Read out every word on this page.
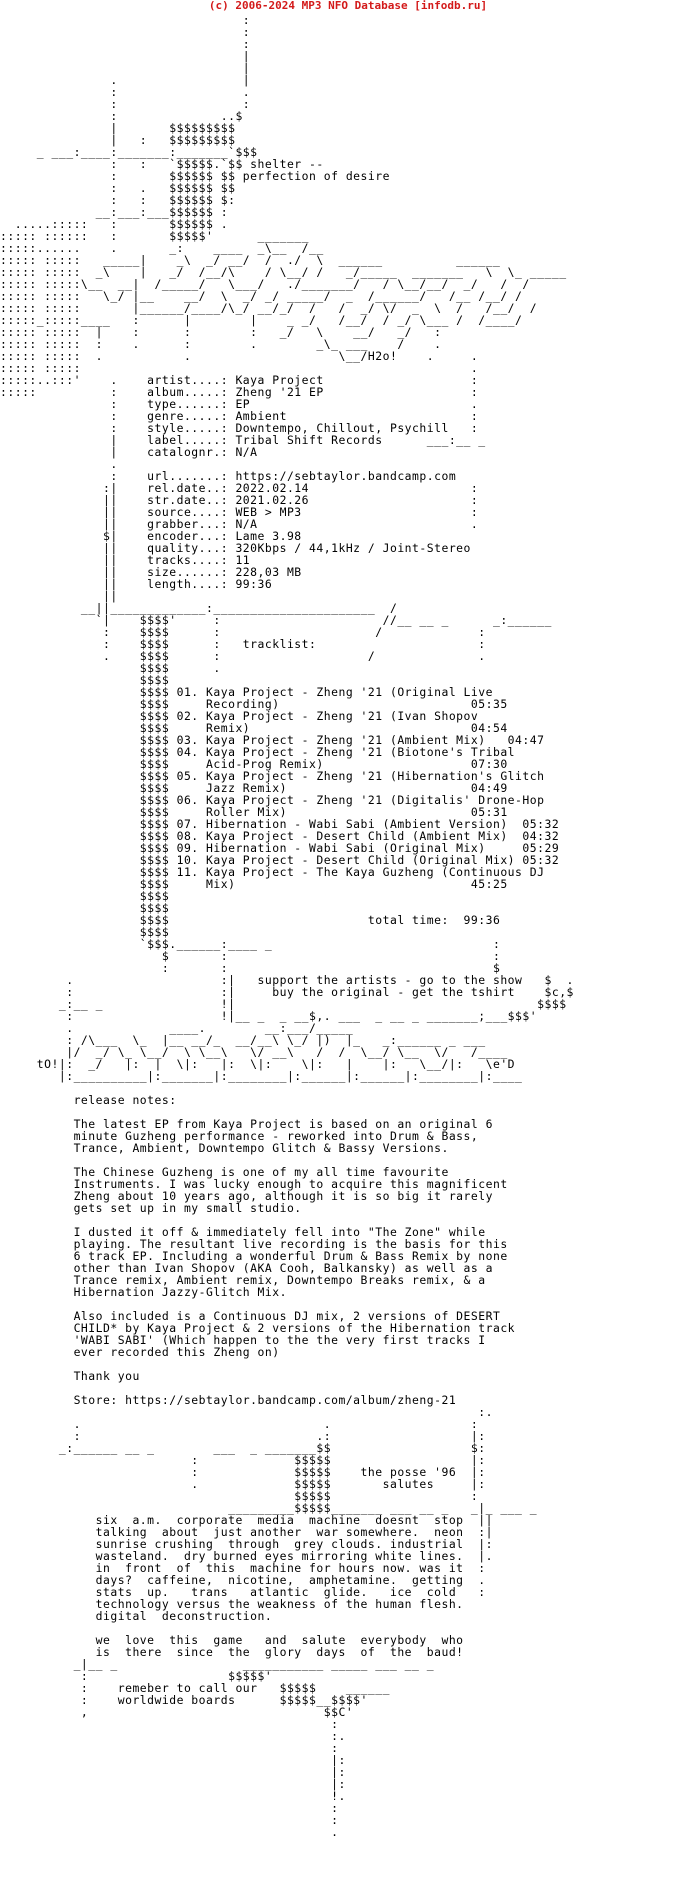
(c) 2006-2024 MP3 NFO Database [infodb.ru]
:
:
:
|
|
.                 |
:                 .
:                 :
:              ..$
|       $$$$$$$$$
|   :   $$$$$$$$$
_ ___:____:_______:_______`$$$
:   :   `$$$$$.`$$ shelter --
:       $$$$$$ $$ perfection of desire
:   .   $$$$$$ $$
:   :   $$$$$$ $:
__:___:___$$$$$$ :
.....:::::   :       $$$$$$ .
::::: ::::::   :       $$$$$'      _______
:::::......    .       _:    ____  _\__  /__
::::: :::::   _____|    _\  _/ __/  /  ./  \  ______          ______
::::: :::::  _\    |   _/  /__/\    / \__/ /   _/_____  _______   \  \_ _____
::::: :::::\__  __|  /_____/   \___/   ./_______/   / \__/__/  _/   /  /
::::: :::::   \_/ |__    __/  \  _/ _/ _____/  _  /______/   /__ /__/ /
::::: :::::       |______/____/\_/ __/_/  /   /  _/ \/  _  \  /   /__/  /
:::::_:::::____   :      |        |    _ _/   /__/  / _/ \___ /  /____/
::::: :::::  |    :      :        :   _/   \    __/   _/   :
::::: :::::  :    .      :        .        _\_ ___    /    .
::::: :::::  .           .                    \__/H2o!    .     .
::::: :::::                                                     .
:::::..:::'    .    artist....: Kaya Project                    :
:::::          :    album.....: Zheng '21 EP                    :
:    type......: EP                              .
:    genre.....: Ambient                         :
:    style.....: Downtempo, Chillout, Psychill   :
|    label.....: Tribal Shift Records      ___:__ _
|    catalognr.: N/A
.
:    url.......: https://sebtaylor.bandcamp.com
:|    rel.date..: 2022.02.14                      :
||    str.date..: 2021.02.26                      :
||    source....: WEB > MP3                       :
||    grabber...: N/A                             .
$|    encoder...: Lame 3.98
||    quality...: 320Kbps / 44,1kHz / Joint-Stereo
||    tracks....: 11
||    size......: 228,03 MB
||    length....: 99:36
||
__||_____________:______________________  /
`|    $$$$'     :                      //__ __ _      _:______
:    $$$$      :                     /             :
:    $$$$      :   tracklist:                      :
.    $$$$      :                    /              .
$$$$      .
$$$$
$$$$ 01. Kaya Project - Zheng '21 (Original Live
$$$$     Recording)                          05:35
$$$$ 02. Kaya Project - Zheng '21 (Ivan Shopov
$$$$     Remix)                              04:54
$$$$ 03. Kaya Project - Zheng '21 (Ambient Mix)   04:47
$$$$ 04. Kaya Project - Zheng '21 (Biotone's Tribal
$$$$     Acid-Prog Remix)                    07:30
$$$$ 05. Kaya Project - Zheng '21 (Hibernation's Glitch
$$$$     Jazz Remix)                         04:49
$$$$ 06. Kaya Project - Zheng '21 (Digitalis' Drone-Hop
$$$$     Roller Mix)                         05:31
$$$$ 07. Hibernation - Wabi Sabi (Ambient Version)  05:32
$$$$ 08. Kaya Project - Desert Child (Ambient Mix)  04:32
$$$$ 09. Hibernation - Wabi Sabi (Original Mix)     05:29
$$$$ 10. Kaya Project - Desert Child (Original Mix) 05:32
$$$$ 11. Kaya Project - The Kaya Guzheng (Continuous DJ
$$$$     Mix)                                45:25
$$$$
$$$$
$$$$                           total time:  99:36
$$$$
`$$$.______:____ _                              :
$       :                                    :
:       :                                    $
.                    :|   support the artists - go to the show   $  .
:                    :|     buy the original - get the tshirt    $c,$
_:__ _                !|                                         $$$$
:                    !|__ _  _ __$,. ___  _ __ _ _______;___$$$'
.             ____.        __:___/_____
: /\___  \_  |__ __/_  __/__\ \_/ |)  |_   _:______ _ ___
|/  _/ \_ \__/  \ \__\   \/ __\   /  /  \__/ \__  \/   /____
tO!|:  _/   |:  |  \|:   |:  \|:    \|:   |    |:   \__/|:   \e'D
|:__________|:_______|:________|:______|:______|:________|:____

release notes:

The latest EP from Kaya Project is based on an original 6
minute Guzheng performance - reworked into Drum & Bass,
Trance, Ambient, Downtempo Glitch & Bassy Versions.

The Chinese Guzheng is one of my all time favourite
Instruments. I was lucky enough to acquire this magnificent
Zheng about 10 years ago, although it is so big it rarely
gets set up in my small studio.

I dusted it off & immediately fell into "The Zone" while
playing. The resultant live recording is the basis for this
6 track EP. Including a wonderful Drum & Bass Remix by none
other than Ivan Shopov (AKA Cooh, Balkansky) as well as a
Trance remix, Ambient remix, Downtempo Breaks remix, & a
Hibernation Jazzy-Glitch Mix.

Also included is a Continuous DJ mix, 2 versions of DESERT
CHILD* by Kaya Project & 2 versions of the Hibernation track
'WABI SABI' (Which happen to the the very first tracks I
ever recorded this Zheng on)

Thank you

Store: https://sebtaylor.bandcamp.com/album/zheng-21
:.
.                                 .                   :
:                                .:                   |:
_:______ __ _        ___  _ _______$$                   $:
:             $$$$$                   |:
:             $$$$$    the posse '96  |:
.             $$$$$       salutes     |:
$$$$$                   :
_________$$$$$_______ ___ __ _   _|_ ___ _
six  a.m.  corporate  media  machine  doesnt  stop  ||
talking  about  just another  war somewhere.  neon  :|
sunrise crushing  through  grey clouds. industrial  |:
wasteland.  dry burned eyes mirroring white lines.  |.
in  front  of  this  machine for hours now. was it  :
days?  caffeine,  nicotine,  amphetamine.  getting  .
stats  up.   trans   atlantic  glide.   ice  cold   :
technology versus the weakness of the human flesh.
digital  deconstruction.

we  love  this  game   and  salute  everybody  who
is  there  since  the  glory  days  of  the  baud!
_|__ _                 ___________ _____ ___ __ _
:                   $$$$$'
:    remeber to call our   $$$$$    ______
:    worldwide boards      $$$$$__$$$$'
,                                $$C'
:
:.
:
|:
|:
|:
!.
:
:
.
